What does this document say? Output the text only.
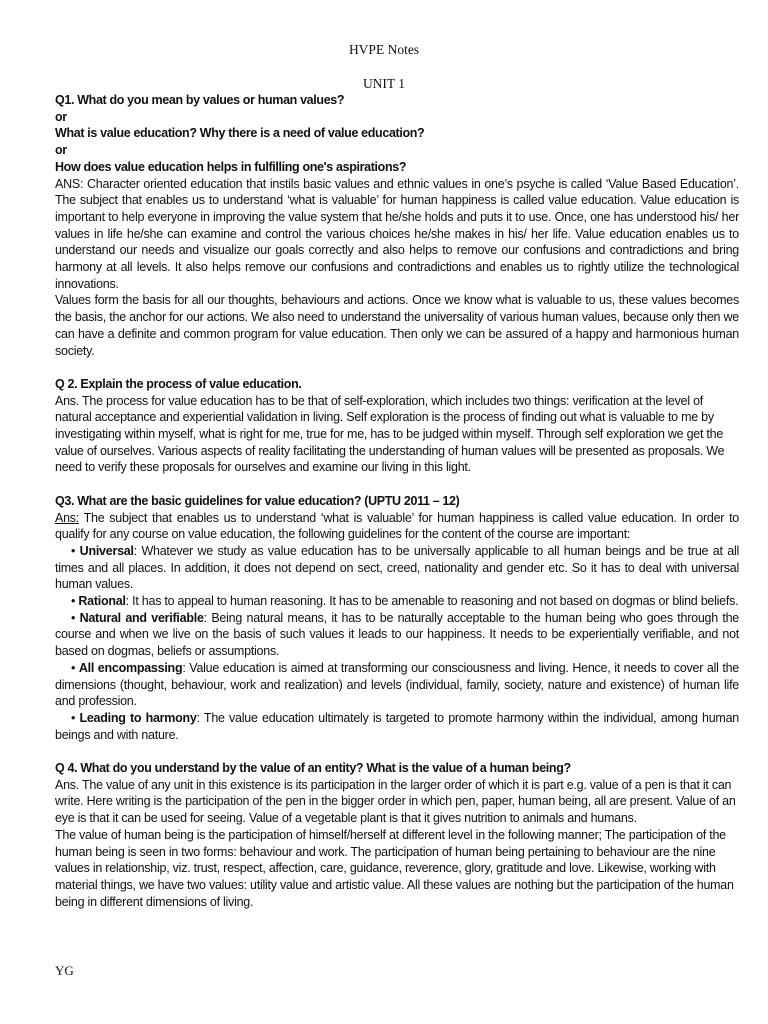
HVPE Notes
UNIT 1

Q1. What do you mean by values or human values?

or

What is value education? Why there is a need of value education?

or

How does value education helps in fulfilling one's aspirations?

ANS: Character oriented education that instils basic values and ethnic values in one’s psyche is called ‘Value Based Education’. The subject that enables us to understand ‘what is valuable’ for human happiness is called value education. Value education is important to help everyone in improving the value system that he/she holds and puts it to use. Once, one has understood his/ her values in life he/she can examine and control the various choices he/she makes in his/ her life. Value education enables us to understand our needs and visualize our goals correctly and also helps to remove our confusions and contradictions and bring harmony at all levels. It also helps remove our confusions and contradictions and enables us to rightly utilize the technological innovations.

Values form the basis for all our thoughts, behaviours and actions. Once we know what is valuable to us, these values becomes the basis, the anchor for our actions. We also need to understand the universality of various human values, because only then we can have a definite and common program for value education. Then only we can be assured of a happy and harmonious human society.

Q 2. Explain the process of value education.

Ans. The process for value education has to be that of self-exploration, which includes two things: verification at the level of natural acceptance and experiential validation in living. Self exploration is the process of finding out what is valuable to me by investigating within myself, what is right for me, true for me, has to be judged within myself. Through self exploration we get the value of ourselves. Various aspects of reality facilitating the understanding of human values will be presented as proposals. We need to verify these proposals for ourselves and examine our living in this light.

Q3. What are the basic guidelines for value education? (UPTU 2011 – 12)

Ans: The subject that enables us to understand ‘what is valuable’ for human happiness is called value education. In order to qualify for any course on value education, the following guidelines for the content of the course are important:

• Universal: Whatever we study as value education has to be universally applicable to all human beings and be true at all times and all places. In addition, it does not depend on sect, creed, nationality and gender etc. So it has to deal with universal human values.

• Rational: It has to appeal to human reasoning. It has to be amenable to reasoning and not based on dogmas or blind beliefs.

• Natural and verifiable: Being natural means, it has to be naturally acceptable to the human being who goes through the course and when we live on the basis of such values it leads to our happiness. It needs to be experientially verifiable, and not based on dogmas, beliefs or assumptions.

• All encompassing: Value education is aimed at transforming our consciousness and living. Hence, it needs to cover all the dimensions (thought, behaviour, work and realization) and levels (individual, family, society, nature and existence) of human life and profession.

• Leading to harmony: The value education ultimately is targeted to promote harmony within the individual, among human beings and with nature.

Q 4. What do you understand by the value of an entity? What is the value of a human being?

Ans. The value of any unit in this existence is its participation in the larger order of which it is part e.g. value of a pen is that it can write. Here writing is the participation of the pen in the bigger order in which pen, paper, human being, all are present. Value of an eye is that it can be used for seeing. Value of a vegetable plant is that it gives nutrition to animals and humans.

The value of human being is the participation of himself/herself at different level in the following manner; The participation of the human being is seen in two forms: behaviour and work. The participation of human being pertaining to behaviour are the nine values in relationship, viz. trust, respect, affection, care, guidance, reverence, glory, gratitude and love. Likewise, working with material things, we have two values: utility value and artistic value. All these values are nothing but the participation of the human being in different dimensions of living.

YG
